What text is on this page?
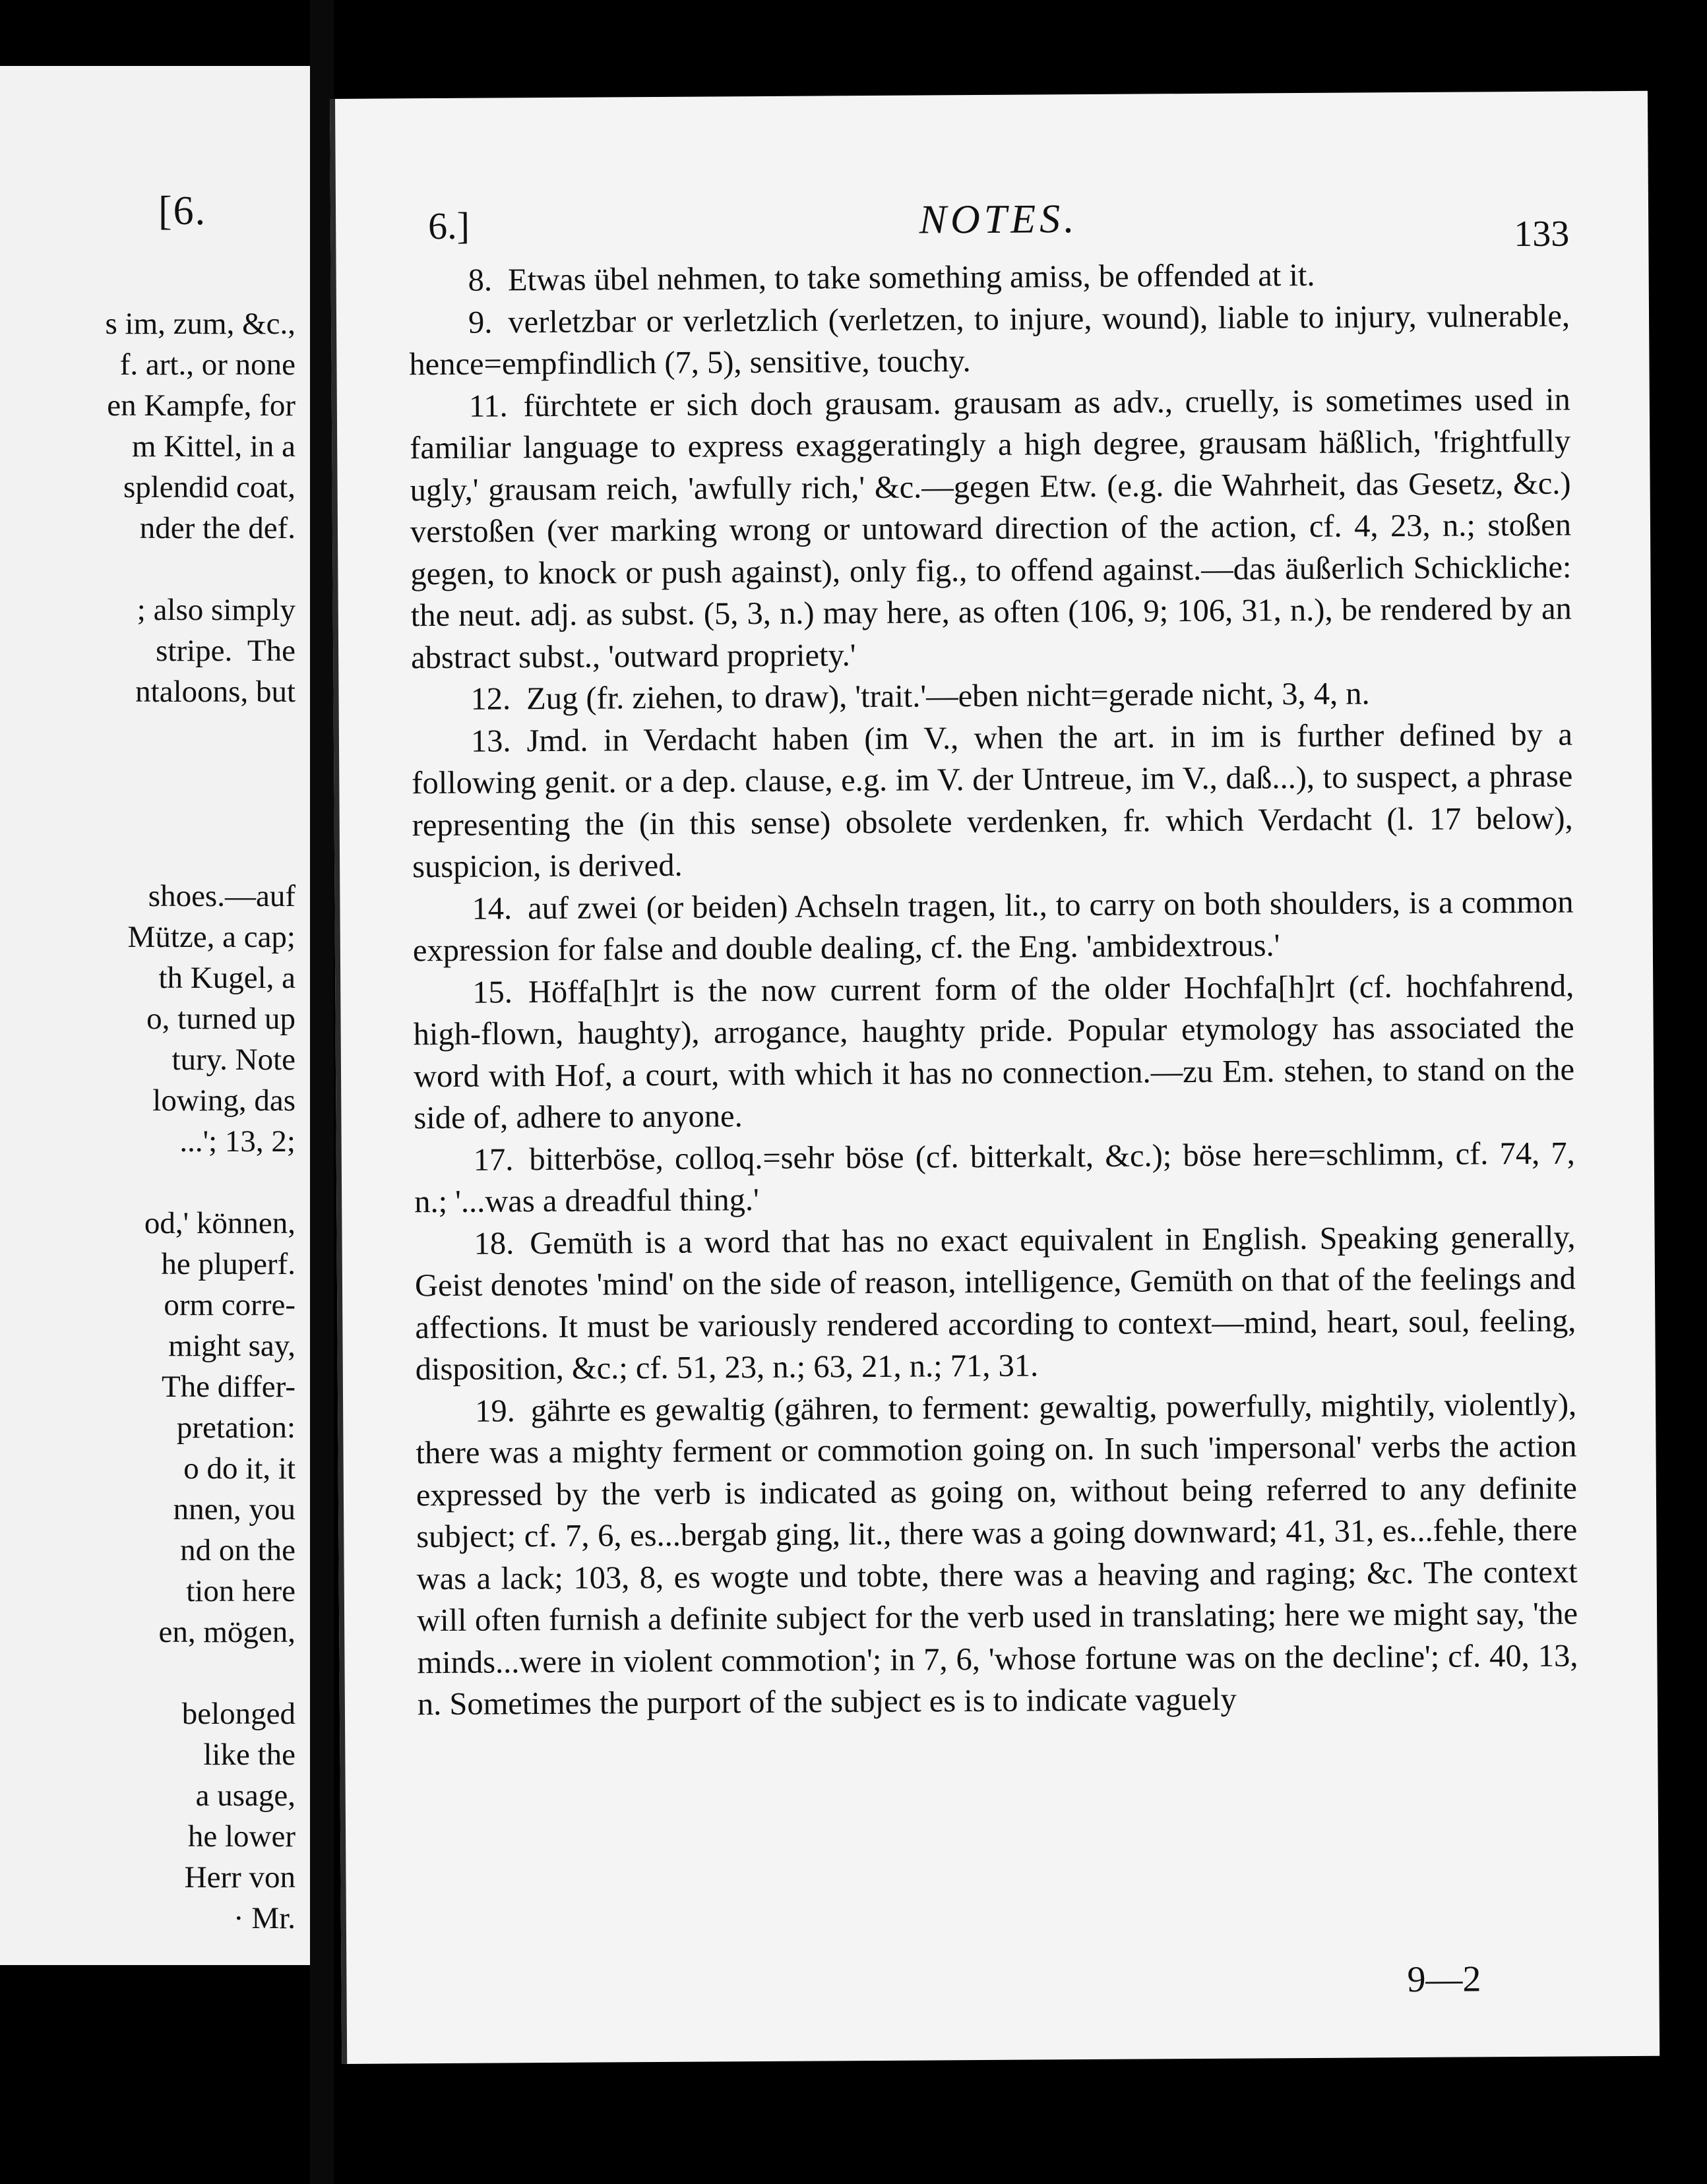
[6.
s im, zum, &c.,
f. art., or none
en Kampfe, for
m Kittel, in a
splendid coat,
nder the def.
; also simply
stripe.  The
ntaloons, but
shoes.—auf
Mütze, a cap;
th Kugel, a
o, turned up
tury. Note
lowing, das
...'; 13, 2;
od,' können,
he pluperf.
orm corre-
might say,
The differ-
pretation:
o do it, it
nnen, you
nd on the
tion here
en, mögen,
belonged
like the
a usage,
he lower
Herr von
· Mr.
6.]	NOTES.	133

8. Etwas übel nehmen, to take something amiss, be offended at it.

9. verletzbar or verletzlich (verletzen, to injure, wound), liable to injury, vulnerable, hence=empfindlich (7, 5), sensitive, touchy.

11. fürchtete er sich doch grausam. grausam as adv., cruelly, is sometimes used in familiar language to express exaggeratingly a high degree, grausam häßlich, 'frightfully ugly,' grausam reich, 'awfully rich,' &c.—gegen Etw. (e.g. die Wahrheit, das Gesetz, &c.) verstoßen (ver marking wrong or untoward direction of the action, cf. 4, 23, n.; stoßen gegen, to knock or push against), only fig., to offend against.—das äußerlich Schickliche: the neut. adj. as subst. (5, 3, n.) may here, as often (106, 9; 106, 31, n.), be rendered by an abstract subst., 'outward propriety.'

12. Zug (fr. ziehen, to draw), 'trait.'—eben nicht=gerade nicht, 3, 4, n.

13. Jmd. in Verdacht haben (im V., when the art. in im is further defined by a following genit. or a dep. clause, e.g. im V. der Untreue, im V., daß...), to suspect, a phrase representing the (in this sense) obsolete verdenken, fr. which Verdacht (l. 17 below), suspicion, is derived.

14. auf zwei (or beiden) Achseln tragen, lit., to carry on both shoulders, is a common expression for false and double dealing, cf. the Eng. 'ambidextrous.'

15. Höffa[h]rt is the now current form of the older Hochfa[h]rt (cf. hochfahrend, high-flown, haughty), arrogance, haughty pride. Popular etymology has associated the word with Hof, a court, with which it has no connection.—zu Em. stehen, to stand on the side of, adhere to anyone.

17. bitterböse, colloq.=sehr böse (cf. bitterkalt, &c.); böse here=schlimm, cf. 74, 7, n.; '...was a dreadful thing.'

18. Gemüth is a word that has no exact equivalent in English. Speaking generally, Geist denotes 'mind' on the side of reason, intelligence, Gemüth on that of the feelings and affections. It must be variously rendered according to context—mind, heart, soul, feeling, disposition, &c.; cf. 51, 23, n.; 63, 21, n.; 71, 31.

19. gährte es gewaltig (gähren, to ferment: gewaltig, powerfully, mightily, violently), there was a mighty ferment or commotion going on. In such 'impersonal' verbs the action expressed by the verb is indicated as going on, without being referred to any definite subject; cf. 7, 6, es...bergab ging, lit., there was a going downward; 41, 31, es...fehle, there was a lack; 103, 8, es wogte und tobte, there was a heaving and raging; &c. The context will often furnish a definite subject for the verb used in translating; here we might say, 'the minds...were in violent commotion'; in 7, 6, 'whose fortune was on the decline'; cf. 40, 13, n. Sometimes the purport of the subject es is to indicate vaguely

9—2
